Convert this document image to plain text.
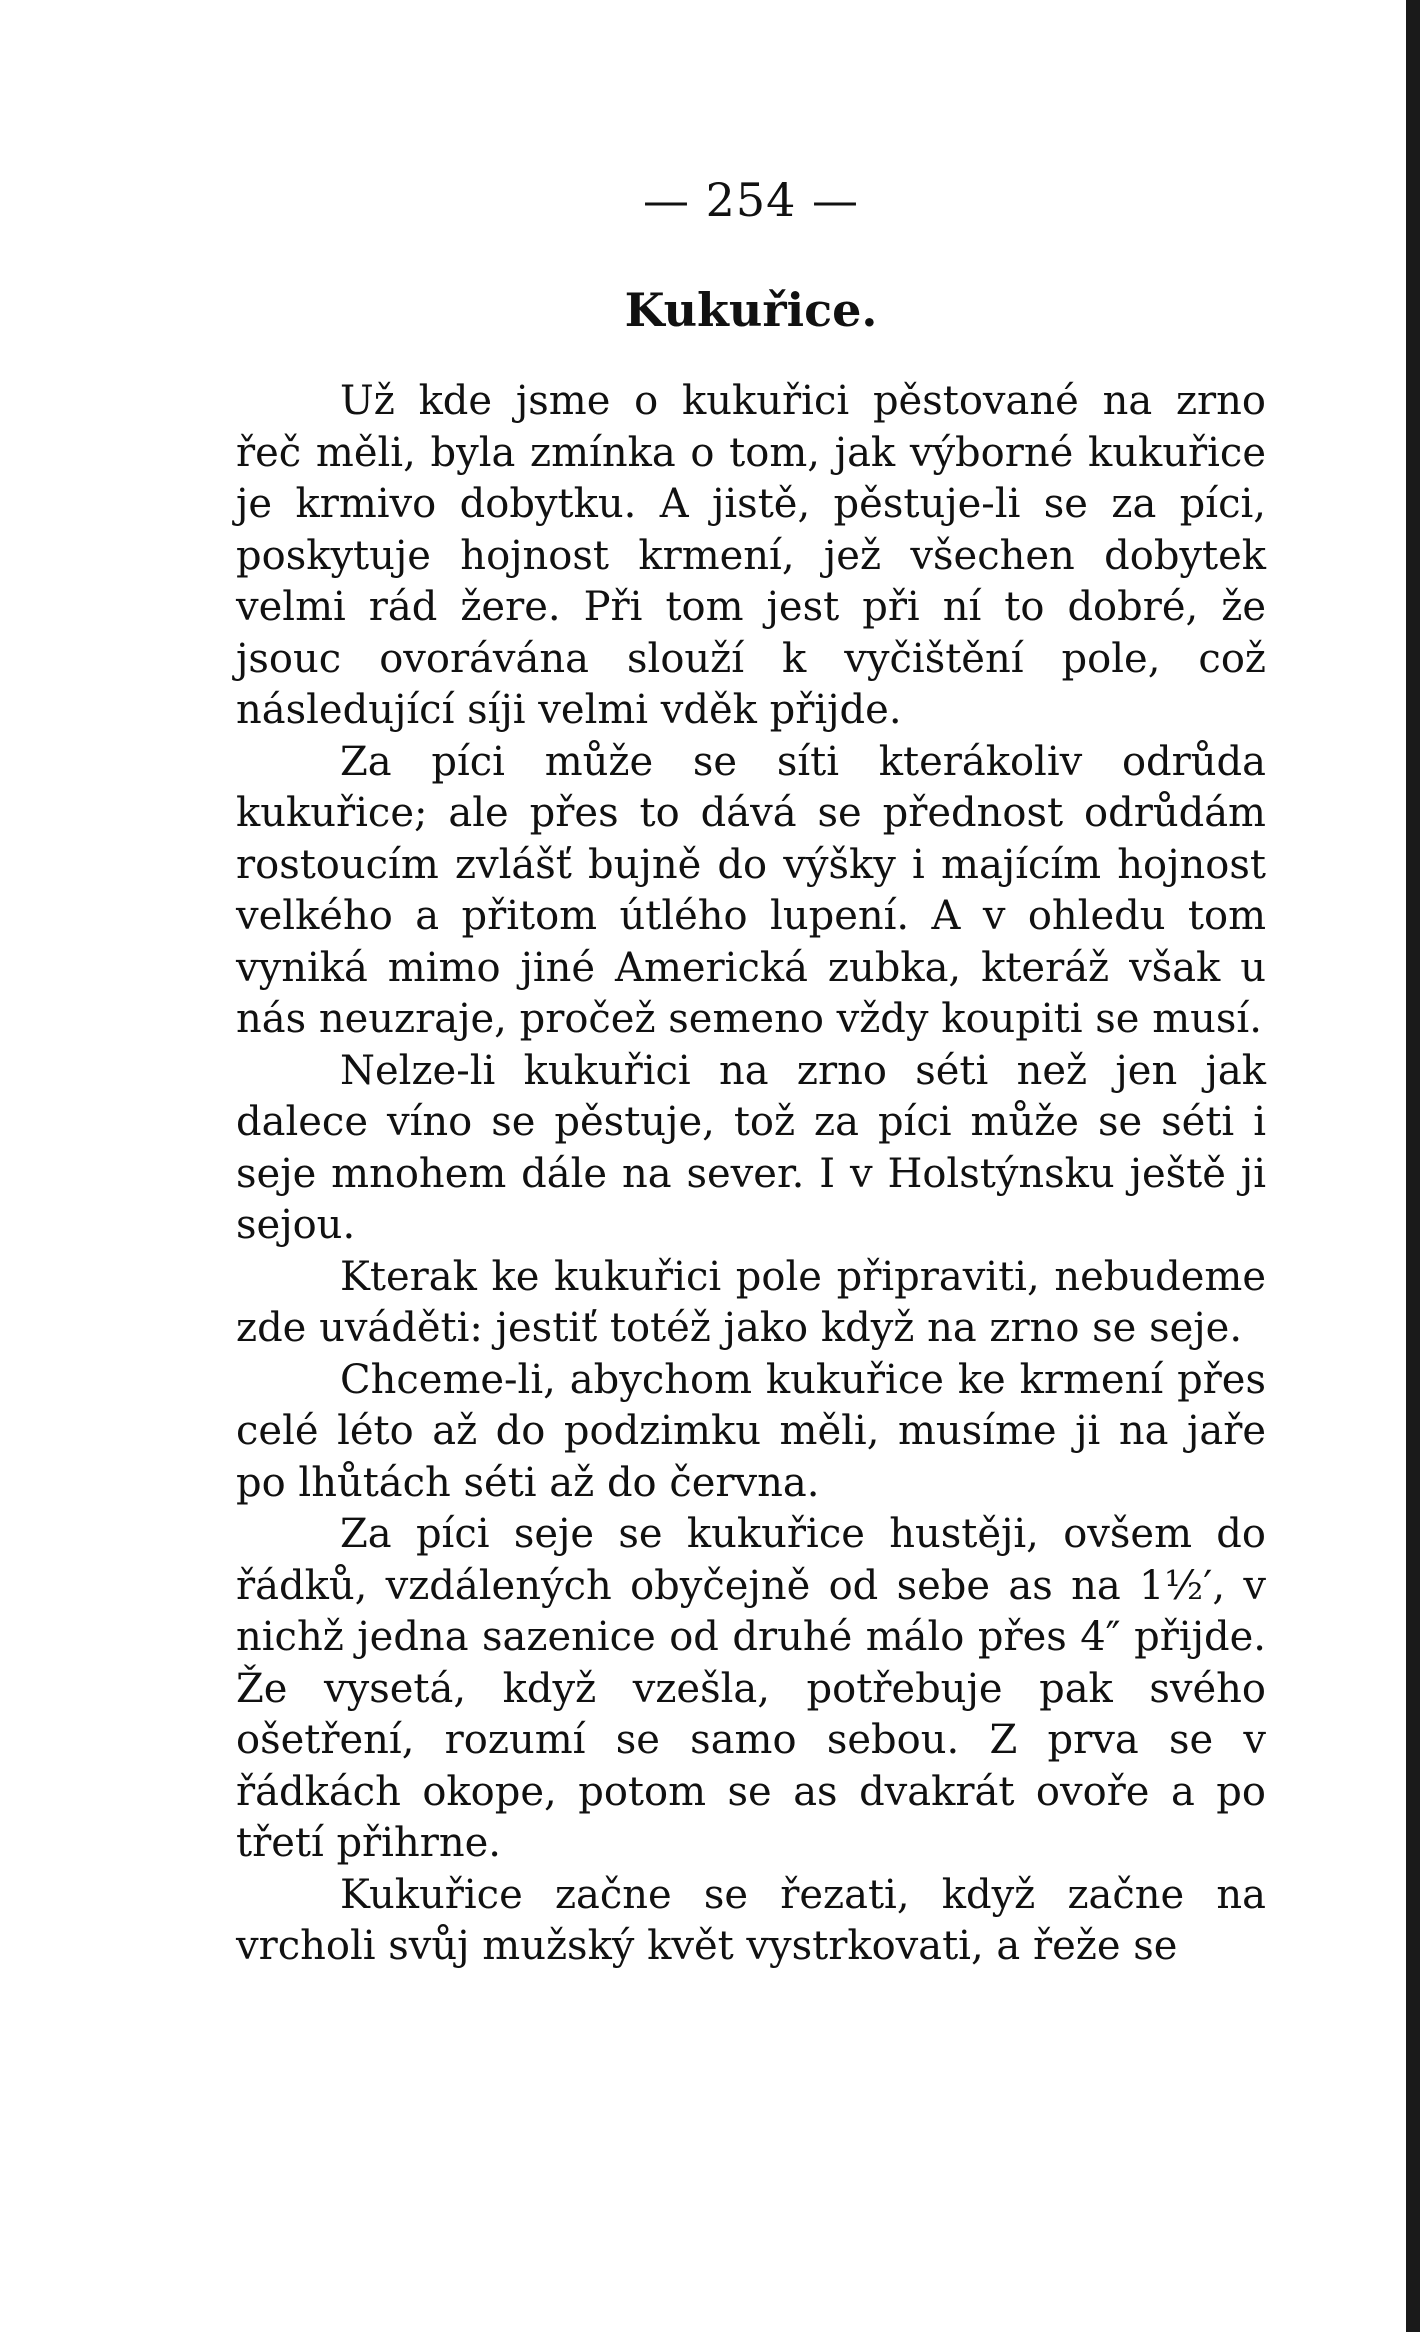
— 254 —
Kukuřice.

Už kde jsme o kukuřici pěstované na zrno řeč měli, byla zmínka o tom, jak výborné kukuřice je krmivo dobytku. A jistě, pěstuje-li se za píci, poskytuje hojnost krmení, jež všechen dobytek velmi rád žere. Při tom jest při ní to dobré, že jsouc ovorávána slouží k vyčištění pole, což následující síji velmi vděk přijde.

Za píci může se síti kterákoliv odrůda kukuřice; ale přes to dává se přednost odrůdám rostoucím zvlášť bujně do výšky i majícím hojnost velkého a přitom útlého lupení. A v ohledu tom vyniká mimo jiné Americká zubka, kteráž však u nás neuzraje, pročež semeno vždy koupiti se musí.

Nelze-li kukuřici na zrno séti než jen jak dalece víno se pěstuje, tož za píci může se séti i seje mnohem dále na sever. I v Holstýnsku ještě ji sejou.

Kterak ke kukuřici pole připraviti, nebudeme zde uváděti: jestiť totéž jako když na zrno se seje.

Chceme-li, abychom kukuřice ke krmení přes celé léto až do podzimku měli, musíme ji na jaře po lhůtách séti až do června.

Za píci seje se kukuřice hustěji, ovšem do řádků, vzdálených obyčejně od sebe as na 1½′, v nichž jedna sazenice od druhé málo přes 4″ přijde. Že vysetá, když vzešla, potřebuje pak svého ošetření, rozumí se samo sebou. Z prva se v řádkách okope, potom se as dvakrát ovoře a po třetí přihrne.

Kukuřice začne se řezati, když začne na vrcholi svůj mužský květ vystrkovati, a řeže se
